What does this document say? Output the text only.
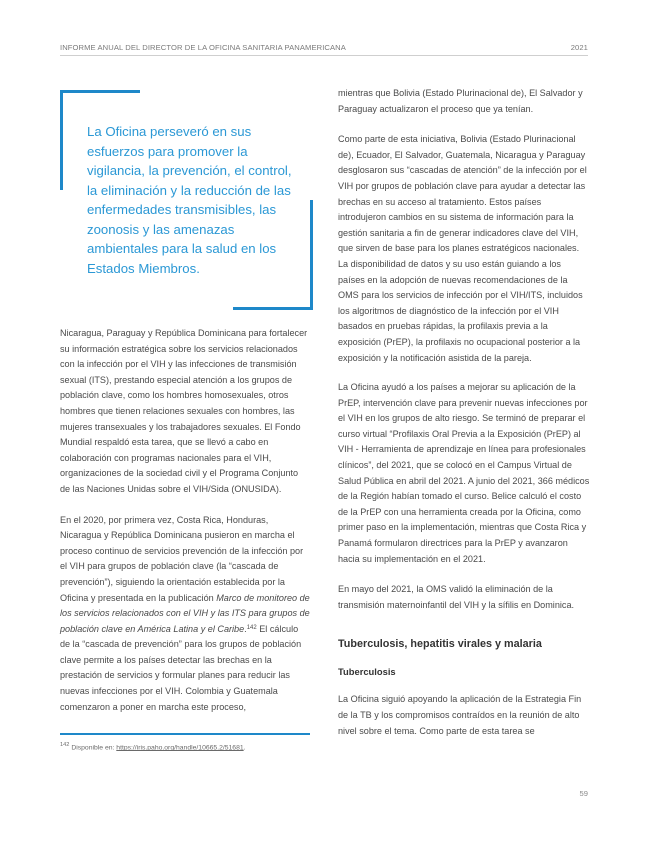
INFORME ANUAL DEL DIRECTOR DE LA OFICINA SANITARIA PANAMERICANA	2021
La Oficina perseveró en sus esfuerzos para promover la vigilancia, la prevención, el control, la eliminación y la reducción de las enfermedades transmisibles, las zoonosis y las amenazas ambientales para la salud en los Estados Miembros.

Nicaragua, Paraguay y República Dominicana para fortalecer su información estratégica sobre los servicios relacionados con la infección por el VIH y las infecciones de transmisión sexual (ITS), prestando especial atención a los grupos de población clave, como los hombres homosexuales, otros hombres que tienen relaciones sexuales con hombres, las mujeres transexuales y los trabajadores sexuales. El Fondo Mundial respaldó esta tarea, que se llevó a cabo en colaboración con programas nacionales para el VIH, organizaciones de la sociedad civil y el Programa Conjunto de las Naciones Unidas sobre el VIH/Sida (ONUSIDA).

En el 2020, por primera vez, Costa Rica, Honduras, Nicaragua y República Dominicana pusieron en marcha el proceso continuo de servicios prevención de la infección por el VIH para grupos de población clave (la “cascada de prevención”), siguiendo la orientación establecida por la Oficina y presentada en la publicación Marco de monitoreo de los servicios relacionados con el VIH y las ITS para grupos de población clave en América Latina y el Caribe.$^{142}$ El cálculo de la “cascada de prevención” para los grupos de población clave permite a los países detectar las brechas en la prestación de servicios y formular planes para reducir las nuevas infecciones por el VIH. Colombia y Guatemala comenzaron a poner en marcha este proceso,

mientras que Bolivia (Estado Plurinacional de), El Salvador y Paraguay actualizaron el proceso que ya tenían.

Como parte de esta iniciativa, Bolivia (Estado Plurinacional de), Ecuador, El Salvador, Guatemala, Nicaragua y Paraguay desglosaron sus “cascadas de atención” de la infección por el VIH por grupos de población clave para ayudar a detectar las brechas en su acceso al tratamiento. Estos países introdujeron cambios en su sistema de información para la gestión sanitaria a fin de generar indicadores clave del VIH, que sirven de base para los planes estratégicos nacionales. La disponibilidad de datos y su uso están guiando a los países en la adopción de nuevas recomendaciones de la OMS para los servicios de infección por el VIH/ITS, incluidos los algoritmos de diagnóstico de la infección por el VIH basados en pruebas rápidas, la profilaxis previa a la exposición (PrEP), la profilaxis no ocupacional posterior a la exposición y la notificación asistida de la pareja.

La Oficina ayudó a los países a mejorar su aplicación de la PrEP, intervención clave para prevenir nuevas infecciones por el VIH en los grupos de alto riesgo. Se terminó de preparar el curso virtual “Profilaxis Oral Previa a la Exposición (PrEP) al VIH - Herramienta de aprendizaje en línea para profesionales clínicos”, del 2021, que se colocó en el Campus Virtual de Salud Pública en abril del 2021. A junio del 2021, 366 médicos de la Región habían tomado el curso. Belice calculó el costo de la PrEP con una herramienta creada por la Oficina, como primer paso en la implementación, mientras que Costa Rica y Panamá formularon directrices para la PrEP y avanzaron hacia su implementación en el 2021.

En mayo del 2021, la OMS validó la eliminación de la transmisión maternoinfantil del VIH y la sífilis en Dominica.

Tuberculosis, hepatitis virales y malaria
Tuberculosis

La Oficina siguió apoyando la aplicación de la Estrategia Fin de la TB y los compromisos contraídos en la reunión de alto nivel sobre el tema. Como parte de esta tarea se

$^{142}$ Disponible en: https://iris.paho.org/handle/10665.2/51681.
59
